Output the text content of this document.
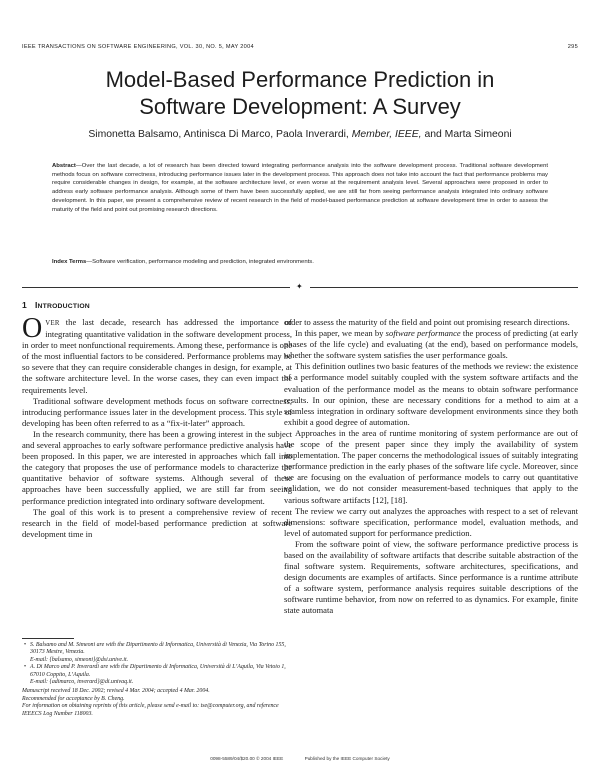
IEEE TRANSACTIONS ON SOFTWARE ENGINEERING, VOL. 30, NO. 5, MAY 2004	295
Model-Based Performance Prediction in
Software Development: A Survey
Simonetta Balsamo, Antinisca Di Marco, Paola Inverardi, Member, IEEE, and Marta Simeoni
Abstract—Over the last decade, a lot of research has been directed toward integrating performance analysis into the software development process. Traditional software development methods focus on software correctness, introducing performance issues later in the development process. This approach does not take into account the fact that performance problems may require considerable changes in design, for example, at the software architecture level, or even worse at the requirement analysis level. Several approaches were proposed in order to address early software performance analysis. Although some of them have been successfully applied, we are still far from seeing performance analysis integrated into ordinary software development. In this paper, we present a comprehensive review of recent research in the field of model-based performance prediction at software development time in order to assess the maturity of the field and point out promising research directions.
Index Terms—Software verification, performance modeling and prediction, integrated environments.
✦
1 INTRODUCTION

OVER the last decade, research has addressed the importance of integrating quantitative validation in the software development process, in order to meet nonfunctional requirements. Among these, performance is one of the most influential factors to be considered. Performance problems may be so severe that they can require considerable changes in design, for example, at the software architecture level. In the worse cases, they can even impact the requirements level.

Traditional software development methods focus on software correctness, introducing performance issues later in the development process. This style of developing has been often referred to as a “fix-it-later” approach.

In the research community, there has been a growing interest in the subject and several approaches to early software performance predictive analysis have been proposed. In this paper, we are interested in approaches which fall into the category that proposes the use of performance models to characterize the quantitative behavior of software systems. Although several of these approaches have been successfully applied, we are still far from seeing performance prediction integrated into ordinary software development.

The goal of this work is to present a comprehensive review of recent research in the field of model-based performance prediction at software development time in

• S. Balsamo and M. Simeoni are with the Dipartimento di Informatica, Università di Venezia, Via Torino 155, 30173 Mestre, Venezia.
E-mail: {balsamo, simeoni}@dsi.unive.it.
• A. Di Marco and P. Inverardi are with the Dipartimento di Informatica, Università di L’Aquila, Via Vetoio 1, 67010 Coppito, L’Aquila.
E-mail: {adimarco, inverard}@di.univaq.it.
Manuscript received 18 Dec. 2002; revised 4 Mar. 2004; accepted 4 Mar. 2004.
Recommended for acceptance by B. Cheng.
For information on obtaining reprints of this article, please send e-mail to: tse@computer.org, and reference IEEECS Log Number 118003.

order to assess the maturity of the field and point out promising research directions.

In this paper, we mean by software performance the process of predicting (at early phases of the life cycle) and evaluating (at the end), based on performance models, whether the software system satisfies the user performance goals.

This definition outlines two basic features of the methods we review: the existence of a performance model suitably coupled with the system software artifacts and the evaluation of the performance model as the means to obtain software performance results. In our opinion, these are necessary conditions for a method to aim at a seamless integration in ordinary software development environments since they both exhibit a good degree of automation.

Approaches in the area of runtime monitoring of system performance are out of the scope of the present paper since they imply the availability of system implementation. The paper concerns the methodological issues of suitably integrating performance prediction in the early phases of the software life cycle. Moreover, since we are focusing on the evaluation of performance models to carry out quantitative validation, we do not consider measurement-based techniques that apply to the various software artifacts [12], [18].

The review we carry out analyzes the approaches with respect to a set of relevant dimensions: software specification, performance model, evaluation methods, and level of automated support for performance prediction.

From the software point of view, the software performance predictive process is based on the availability of software artifacts that describe suitable abstraction of the final software system. Requirements, software architectures, specifications, and design documents are examples of artifacts. Since performance is a runtime attribute of a software system, performance analysis requires suitable descriptions of the software runtime behavior, from now on referred to as dynamics. For example, finite state automata

0098-5589/04/$20.00 © 2004 IEEE	Published by the IEEE Computer Society
